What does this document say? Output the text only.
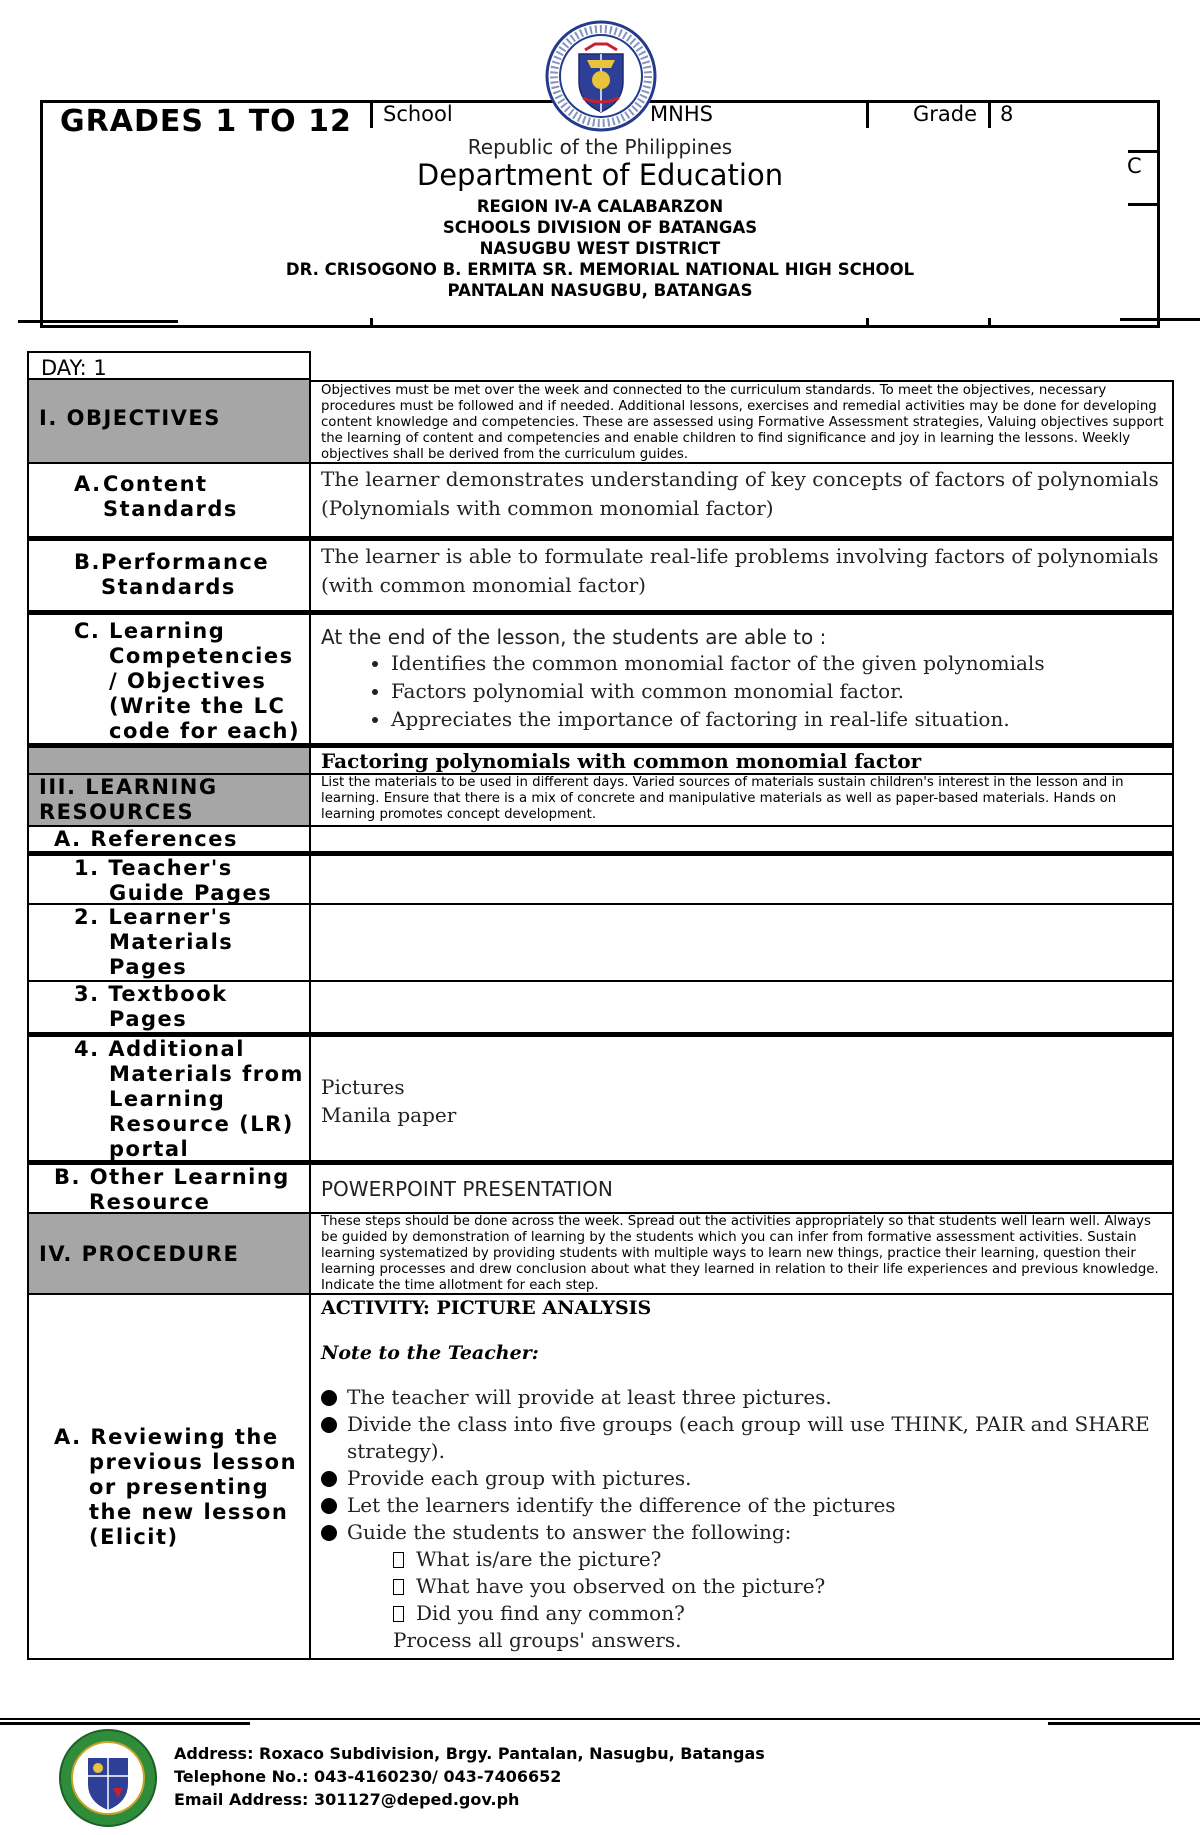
GRADES 1 TO 12 School	MNHS	Grade 8
C
Republic of the Philippines
Department of Education
REGION IV-A CALABARZON
SCHOOLS DIVISION OF BATANGAS
NASUGBU WEST DISTRICT
DR. CRISOGONO B. ERMITA SR. MEMORIAL NATIONAL HIGH SCHOOL
PANTALAN NASUGBU, BATANGAS
DAY: 1
I. OBJECTIVES
Objectives must be met over the week and connected to the curriculum standards. To meet the objectives, necessary procedures must be followed and if needed. Additional lessons, exercises and remedial activities may be done for developing content knowledge and competencies. These are assessed using Formative Assessment strategies, Valuing objectives support the learning of content and competencies and enable children to find significance and joy in learning the lessons. Weekly objectives shall be derived from the curriculum guides.
A. Content Standards
The learner demonstrates understanding of key concepts of factors of polynomials (Polynomials with common monomial factor)
B. Performance Standards
The learner is able to formulate real-life problems involving factors of polynomials (with common monomial factor)
C. Learning Competencies / Objectives (Write the LC code for each)
At the end of the lesson, the students are able to :
• Identifies the common monomial factor of the given polynomials
• Factors polynomial with common monomial factor.
• Appreciates the importance of factoring in real-life situation.
Factoring polynomials with common monomial factor
III. LEARNING RESOURCES
List the materials to be used in different days. Varied sources of materials sustain children's interest in the lesson and in learning. Ensure that there is a mix of concrete and manipulative materials as well as paper-based materials. Hands on learning promotes concept development.
A. References
1. Teacher's Guide Pages
2. Learner's Materials Pages
3. Textbook Pages
4. Additional Materials from Learning Resource (LR) portal
Pictures
Manila paper
B. Other Learning Resource
POWERPOINT PRESENTATION
IV. PROCEDURE
These steps should be done across the week. Spread out the activities appropriately so that students well learn well. Always be guided by demonstration of learning by the students which you can infer from formative assessment activities. Sustain learning systematized by providing students with multiple ways to learn new things, practice their learning, question their learning processes and drew conclusion about what they learned in relation to their life experiences and previous knowledge. Indicate the time allotment for each step.
A. Reviewing the previous lesson or presenting the new lesson (Elicit)
ACTIVITY: PICTURE ANALYSIS
Note to the Teacher:
The teacher will provide at least three pictures.
Divide the class into five groups (each group will use THINK, PAIR and SHARE strategy).
Provide each group with pictures.
Let the learners identify the difference of the pictures
Guide the students to answer the following:
What is/are the picture?
What have you observed on the picture?
Did you find any common?
Process all groups' answers.
Address: Roxaco Subdivision, Brgy. Pantalan, Nasugbu, Batangas
Telephone No.: 043-4160230/ 043-7406652
Email Address: 301127@deped.gov.ph
